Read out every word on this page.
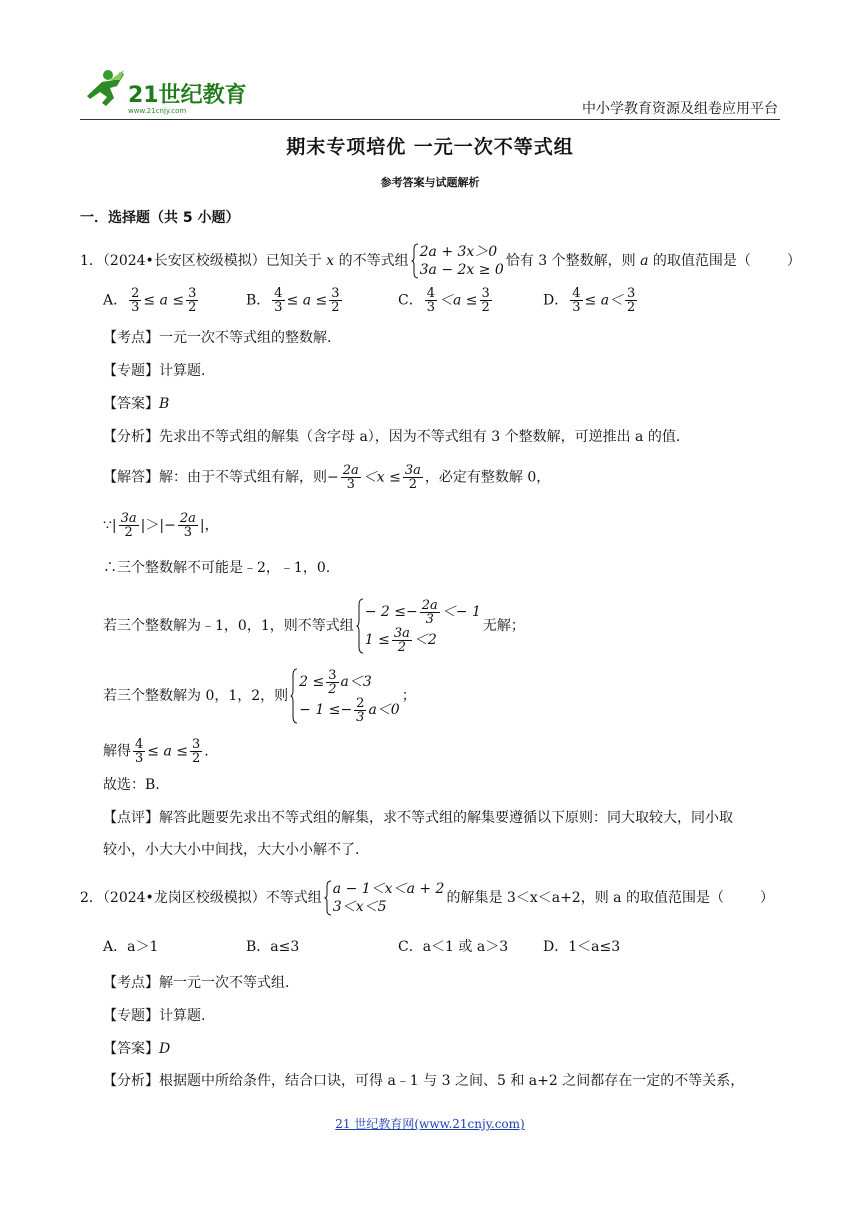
21世纪教育
www.21cnjy.com	中小学教育资源及组卷应用平台
期末专项培优 一元一次不等式组
参考答案与试题解析
一．选择题（共 5 小题）
1．（2024•长安区校级模拟）已知关于 x 的不等式组
2a + 3x＞0
3a − 2x ≥ 0
恰有 3 个整数解，则 a 的取值范围是（	）
A． $\frac{2}{3} \le a \le \frac{3}{2}$	B． $\frac{4}{3} \le a \le \frac{3}{2}$	C． $\frac{4}{3} <a \le \frac{3}{2}$	D． $\frac{4}{3} \le a< \frac{3}{2}$
【考点】一元一次不等式组的整数解.
【专题】计算题.
【答案】B
【分析】先求出不等式组的解集（含字母 a），因为不等式组有 3 个整数解，可逆推出 a 的值.
【解答】解：由于不等式组有解，则− $\frac{2a}{3} <x \le \frac{3a}{2}$ ，必定有整数解 0，
∵| $\frac{3a}{2}$ |＞|− $\frac{2a}{3}$ |，
∴三个整数解不可能是﹣2，﹣1，0.
若三个整数解为﹣1，0，1，则不等式组
− $2 \le- \frac{2a}{3} <- 1$
$1 \le \frac{3a}{2} <2$
无解；
若三个整数解为 0，1，2，则
$2 \le \frac{3}{2} a<3$
− $1 \le- \frac{2}{3} a<0$
；
解得 $\frac{4}{3} \le a \le \frac{3}{2}$ .
故选：B.
【点评】解答此题要先求出不等式组的解集，求不等式组的解集要遵循以下原则：同大取较大，同小取
较小，小大大小中间找，大大小小解不了.
2．（2024•龙岗区校级模拟）不等式组
a − 1＜x＜a + 2
3＜x＜5
的解集是 3＜x＜a+2，则 a 的取值范围是（	）
A．a＞1	B．a≤3	C．a＜1 或 a＞3 D．1＜a≤3
【考点】解一元一次不等式组.
【专题】计算题.
【答案】D
【分析】根据题中所给条件，结合口诀，可得 a﹣1 与 3 之间、5 和 a+2 之间都存在一定的不等关系，
21 世纪教育网(www.21cnjy.com)
